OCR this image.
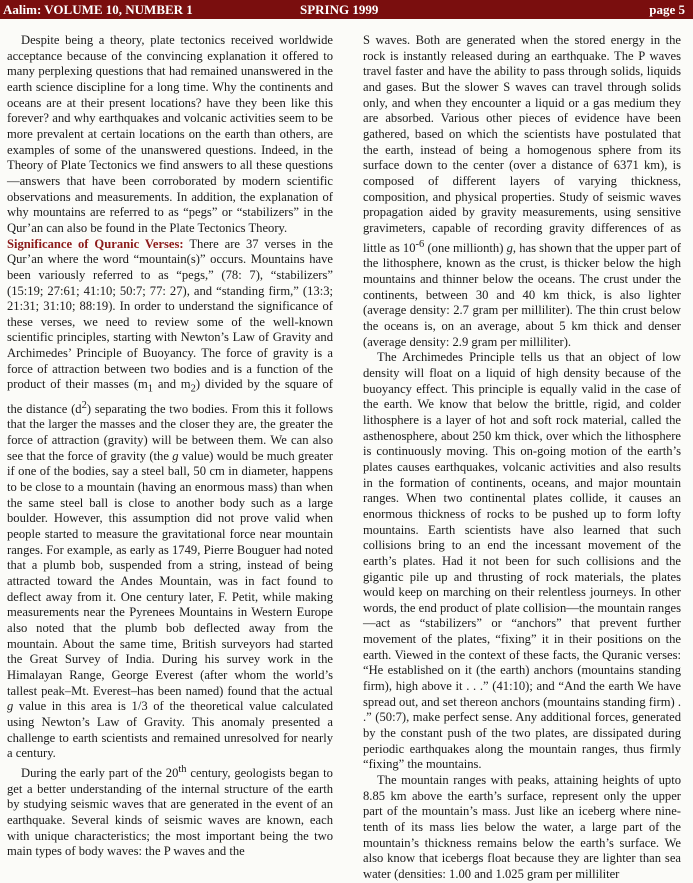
Aalim: VOLUME 10, NUMBER 1	SPRING 1999	page 5

Despite being a theory, plate tectonics received worldwide acceptance because of the convincing explanation it offered to many perplexing questions that had remained unanswered in the earth science discipline for a long time. Why the continents and oceans are at their present locations? have they been like this forever? and why earthquakes and volcanic activities seem to be more prevalent at certain locations on the earth than others, are examples of some of the unanswered questions. Indeed, in the Theory of Plate Tectonics we find answers to all these questions—answers that have been corroborated by modern scientific observations and measurements. In addition, the explanation of why mountains are referred to as “pegs” or “stabilizers” in the Qur’an can also be found in the Plate Tectonics Theory.

Significance of Quranic Verses: There are 37 verses in the Qur’an where the word “mountain(s)” occurs. Mountains have been variously referred to as “pegs,” (78: 7), “stabilizers” (15:19; 27:61; 41:10; 50:7; 77: 27), and “standing firm,” (13:3; 21:31; 31:10; 88:19). In order to understand the significance of these verses, we need to review some of the well-known scientific principles, starting with Newton’s Law of Gravity and Archimedes’ Principle of Buoyancy. The force of gravity is a force of attraction between two bodies and is a function of the product of their masses ($m_1$ and $m_2$) divided by the square of the distance $(d^2)$ separating the two bodies. From this it follows that the larger the masses and the closer they are, the greater the force of attraction (gravity) will be between them. We can also see that the force of gravity (the g value) would be much greater if one of the bodies, say a steel ball, 50 cm in diameter, happens to be close to a mountain (having an enormous mass) than when the same steel ball is close to another body such as a large boulder. However, this assumption did not prove valid when people started to measure the gravitational force near mountain ranges. For example, as early as 1749, Pierre Bouguer had noted that a plumb bob, suspended from a string, instead of being attracted toward the Andes Mountain, was in fact found to deflect away from it. One century later, F. Petit, while making measurements near the Pyrenees Mountains in Western Europe also noted that the plumb bob deflected away from the mountain. About the same time, British surveyors had started the Great Survey of India. During his survey work in the Himalayan Range, George Everest (after whom the world’s tallest peak–Mt. Everest–has been named) found that the actual g value in this area is 1/3 of the theoretical value calculated using Newton’s Law of Gravity. This anomaly presented a challenge to earth scientists and remained unresolved for nearly a century.

During the early part of the 20th century, geologists began to get a better understanding of the internal structure of the earth by studying seismic waves that are generated in the event of an earthquake. Several kinds of seismic waves are known, each with unique characteristics; the most important being the two main types of body waves: the P waves and the

S waves. Both are generated when the stored energy in the rock is instantly released during an earthquake. The P waves travel faster and have the ability to pass through solids, liquids and gases. But the slower S waves can travel through solids only, and when they encounter a liquid or a gas medium they are absorbed. Various other pieces of evidence have been gathered, based on which the scientists have postulated that the earth, instead of being a homogenous sphere from its surface down to the center (over a distance of 6371 km), is composed of different layers of varying thickness, composition, and physical properties. Study of seismic waves propagation aided by gravity measurements, using sensitive gravimeters, capable of recording gravity differences of as little as $10^{-6}$ (one millionth) g, has shown that the upper part of the lithosphere, known as the crust, is thicker below the high mountains and thinner below the oceans. The crust under the continents, between 30 and 40 km thick, is also lighter (average density: 2.7 gram per milliliter). The thin crust below the oceans is, on an average, about 5 km thick and denser (average density: 2.9 gram per milliliter).

The Archimedes Principle tells us that an object of low density will float on a liquid of high density because of the buoyancy effect. This principle is equally valid in the case of the earth. We know that below the brittle, rigid, and colder lithosphere is a layer of hot and soft rock material, called the asthenosphere, about 250 km thick, over which the lithosphere is continuously moving. This on-going motion of the earth’s plates causes earthquakes, volcanic activities and also results in the formation of continents, oceans, and major mountain ranges. When two continental plates collide, it causes an enormous thickness of rocks to be pushed up to form lofty mountains. Earth scientists have also learned that such collisions bring to an end the incessant movement of the earth’s plates. Had it not been for such collisions and the gigantic pile up and thrusting of rock materials, the plates would keep on marching on their relentless journeys. In other words, the end product of plate collision—the mountain ranges—act as “stabilizers” or “anchors” that prevent further movement of the plates, “fixing” it in their positions on the earth. Viewed in the context of these facts, the Quranic verses: “He established on it (the earth) anchors (mountains standing firm), high above it . . .” (41:10); and “And the earth We have spread out, and set thereon anchors (mountains standing firm) . .” (50:7), make perfect sense. Any additional forces, generated by the constant push of the two plates, are dissipated during periodic earthquakes along the mountain ranges, thus firmly “fixing” the mountains.

The mountain ranges with peaks, attaining heights of upto 8.85 km above the earth’s surface, represent only the upper part of the mountain’s mass. Just like an iceberg where nine-tenth of its mass lies below the water, a large part of the mountain’s thickness remains below the earth’s surface. We also know that icebergs float because they are lighter than sea water (densities: 1.00 and 1.025 gram per milliliter
